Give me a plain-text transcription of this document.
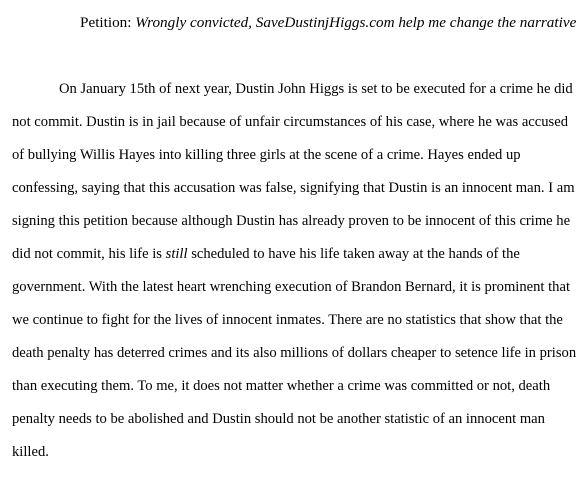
Petition: Wrongly convicted, SaveDustinjHiggs.com help me change the narrative
On January 15th of next year, Dustin John Higgs is set to be executed for a crime he did
not commit. Dustin is in jail because of unfair circumstances of his case, where he was accused
of bullying Willis Hayes into killing three girls at the scene of a crime. Hayes ended up
confessing, saying that this accusation was false, signifying that Dustin is an innocent man. I am
signing this petition because although Dustin has already proven to be innocent of this crime he
did not commit, his life is still scheduled to have his life taken away at the hands of the
government. With the latest heart wrenching execution of Brandon Bernard, it is prominent that
we continue to fight for the lives of innocent inmates. There are no statistics that show that the
death penalty has deterred crimes and its also millions of dollars cheaper to setence life in prison
than executing them. To me, it does not matter whether a crime was committed or not, death
penalty needs to be abolished and Dustin should not be another statistic of an innocent man
killed.
